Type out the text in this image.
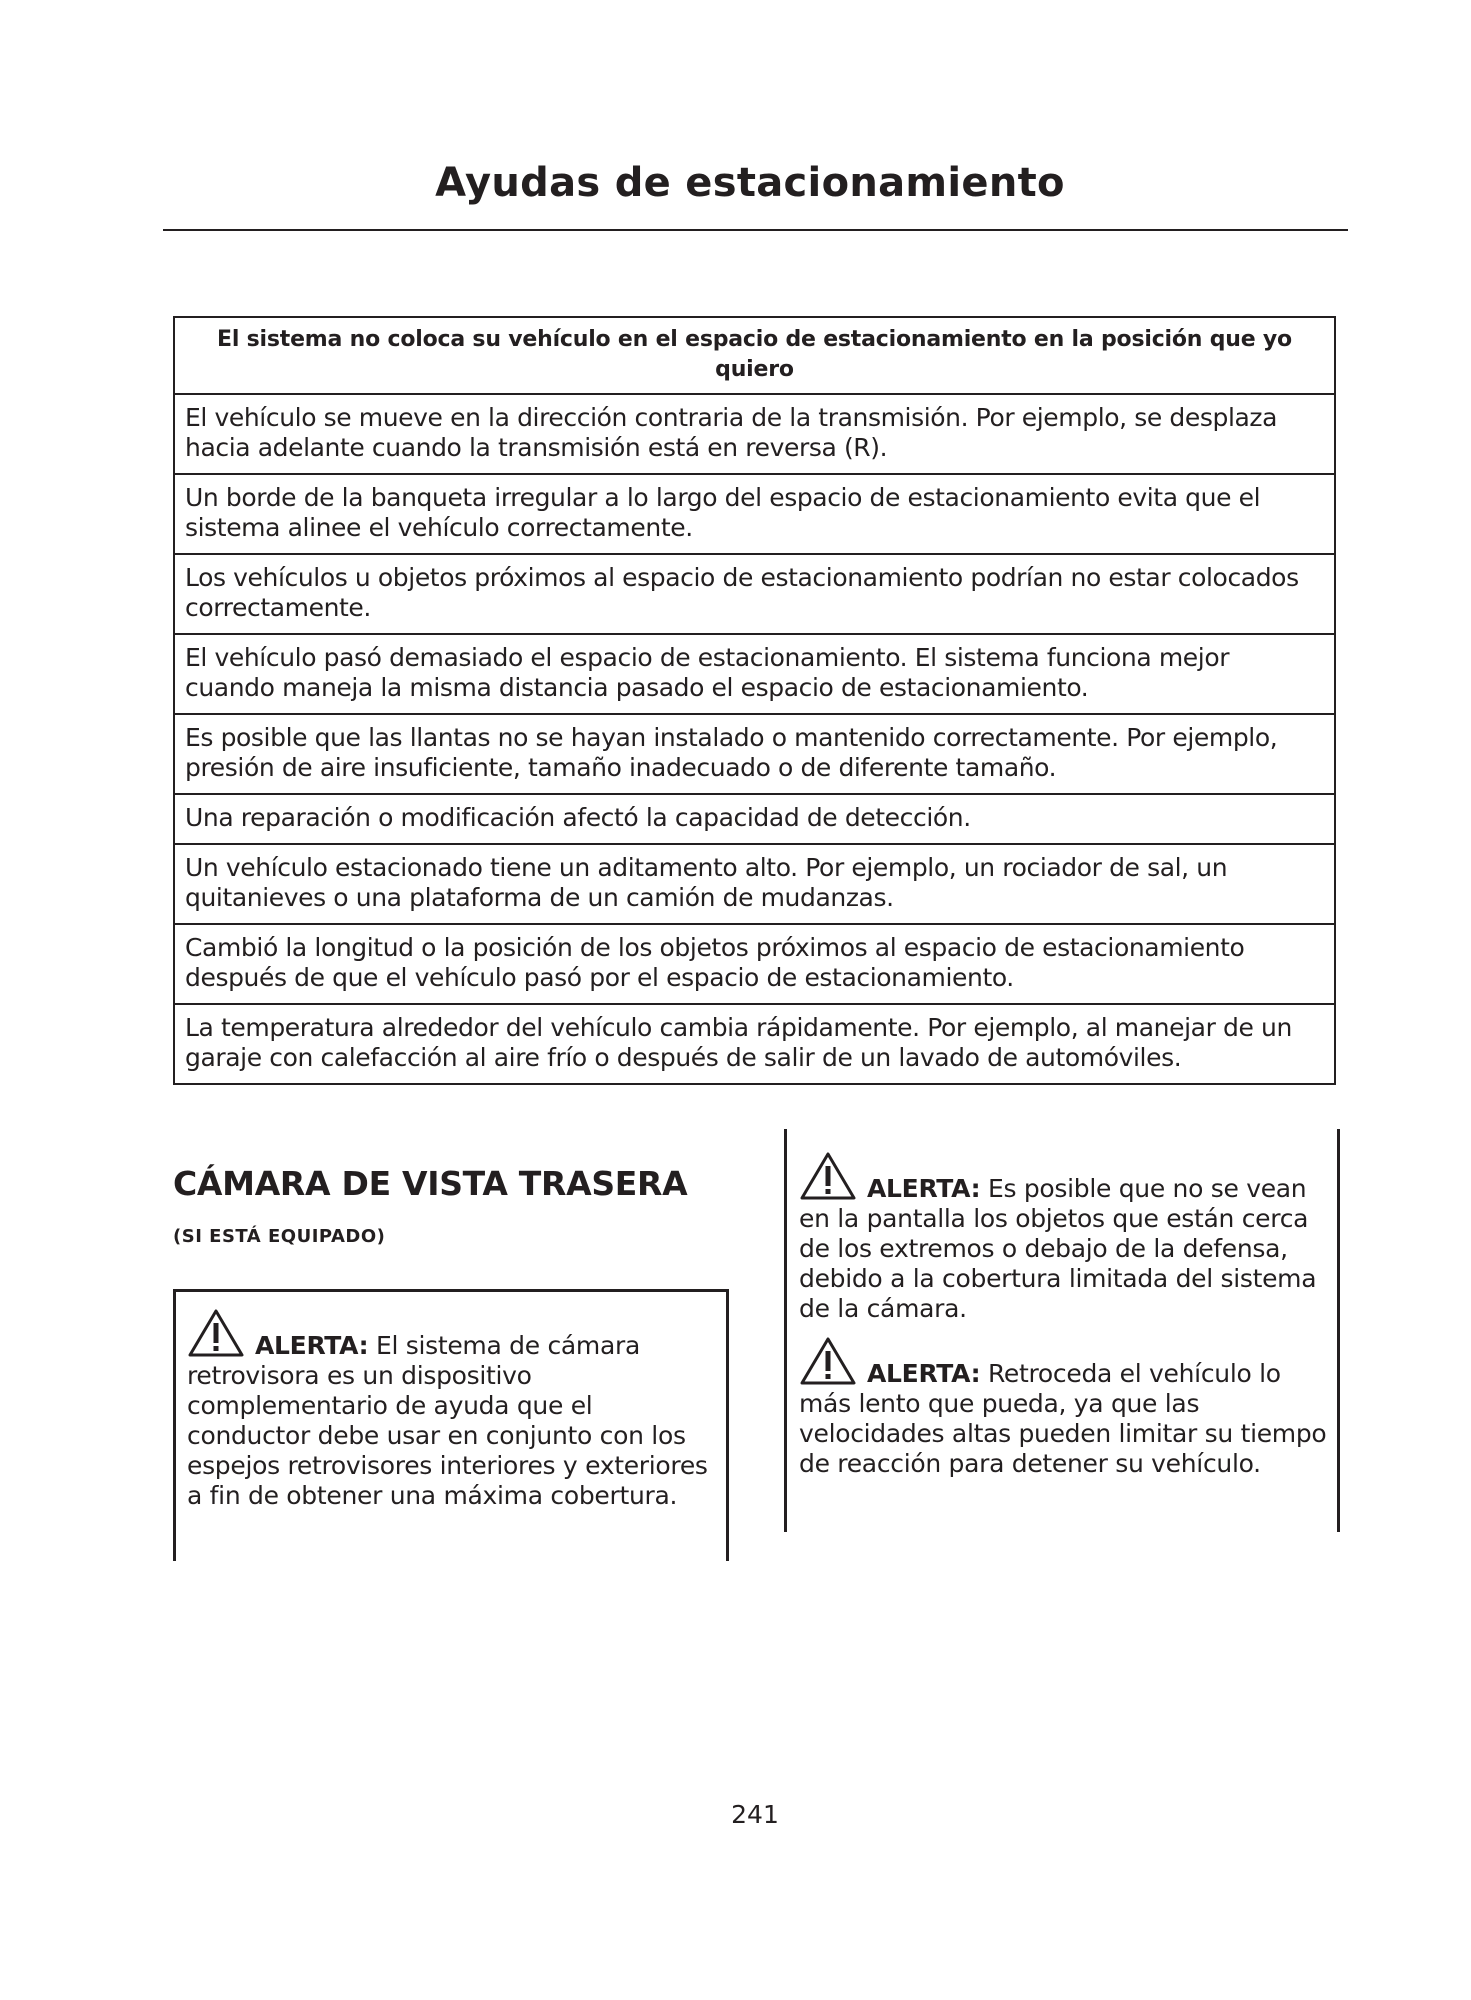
Ayudas de estacionamiento
El sistema no coloca su vehículo en el espacio de estacionamiento en la posición que yo quiero
El vehículo se mueve en la dirección contraria de la transmisión. Por ejemplo, se desplaza hacia adelante cuando la transmisión está en reversa (R).
Un borde de la banqueta irregular a lo largo del espacio de estacionamiento evita que el sistema alinee el vehículo correctamente.
Los vehículos u objetos próximos al espacio de estacionamiento podrían no estar colocados correctamente.
El vehículo pasó demasiado el espacio de estacionamiento. El sistema funciona mejor cuando maneja la misma distancia pasado el espacio de estacionamiento.
Es posible que las llantas no se hayan instalado o mantenido correctamente. Por ejemplo, presión de aire insuficiente, tamaño inadecuado o de diferente tamaño.
Una reparación o modificación afectó la capacidad de detección.
Un vehículo estacionado tiene un aditamento alto. Por ejemplo, un rociador de sal, un quitanieves o una plataforma de un camión de mudanzas.
Cambió la longitud o la posición de los objetos próximos al espacio de estacionamiento después de que el vehículo pasó por el espacio de estacionamiento.
La temperatura alrededor del vehículo cambia rápidamente. Por ejemplo, al manejar de un garaje con calefacción al aire frío o después de salir de un lavado de automóviles.
CÁMARA DE VISTA TRASERA
(SI ESTÁ EQUIPADO)

ALERTA: El sistema de cámara retrovisora es un dispositivo complementario de ayuda que el conductor debe usar en conjunto con los espejos retrovisores interiores y exteriores a fin de obtener una máxima cobertura.

ALERTA: Es posible que no se vean en la pantalla los objetos que están cerca de los extremos o debajo de la defensa, debido a la cobertura limitada del sistema de la cámara.

ALERTA: Retroceda el vehículo lo más lento que pueda, ya que las velocidades altas pueden limitar su tiempo de reacción para detener su vehículo.

241
